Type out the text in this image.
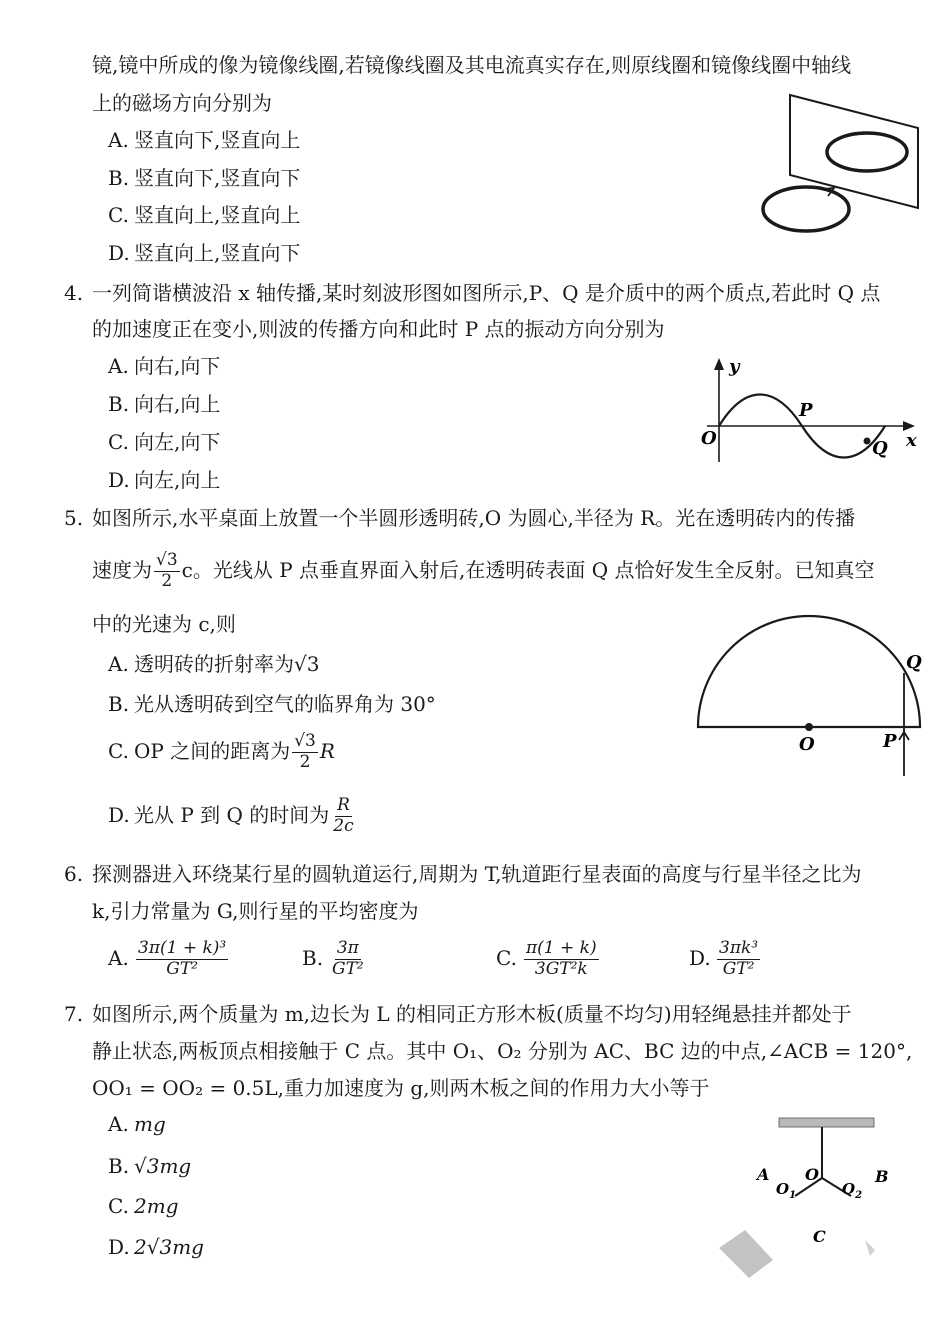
镜,镜中所成的像为镜像线圈,若镜像线圈及其电流真实存在,则原线圈和镜像线圈中轴线
上的磁场方向分别为
A. 竖直向下,竖直向上
B. 竖直向下,竖直向下
C. 竖直向上,竖直向上
D. 竖直向上,竖直向下
4. 一列简谐横波沿 x 轴传播,某时刻波形图如图所示,P、Q 是介质中的两个质点,若此时 Q 点
的加速度正在变小,则波的传播方向和此时 P 点的振动方向分别为
A. 向右,向下
B. 向右,向上
C. 向左,向下
D. 向左,向上
y
x
O
P
Q
5. 如图所示,水平桌面上放置一个半圆形透明砖,O 为圆心,半径为 R。光在透明砖内的传播
速度为 $\frac{√3}{2}$ c。光线从 P 点垂直界面入射后,在透明砖表面 Q 点恰好发生全反射。已知真空
中的光速为 c,则
A. 透明砖的折射率为√3
B. 光从透明砖到空气的临界角为 30°
C. OP 之间的距离为 $\frac{√3}{2}$ R
D. 光从 P 到 Q 的时间为 $\frac{R}{2c}$
O	P
Q
6. 探测器进入环绕某行星的圆轨道运行,周期为 T,轨道距行星表面的高度与行星半径之比为
k,引力常量为 G,则行星的平均密度为
A. $\frac{\text{3π(1 + k)³}}{\text{GT²}}$	B. $\frac{3\pi}{\text{GT²}}$	C. $\frac{\pi(1 + k)}{\text{3GT²k}}$	D. $\frac{\text{3πk³}}{\text{GT²}}$
7. 如图所示,两个质量为 m,边长为 L 的相同正方形木板(质量不均匀)用轻绳悬挂并都处于
静止状态,两板顶点相接触于 C 点。其中 O₁、O₂ 分别为 AC、BC 边的中点,∠ACB = 120°,
OO₁ = OO₂ = 0.5L,重力加速度为 g,则两木板之间的作用力大小等于
A. mg
B. √3mg
C. 2mg
D. 2√3mg
A O	B
$O_1$	$O_2$
C
